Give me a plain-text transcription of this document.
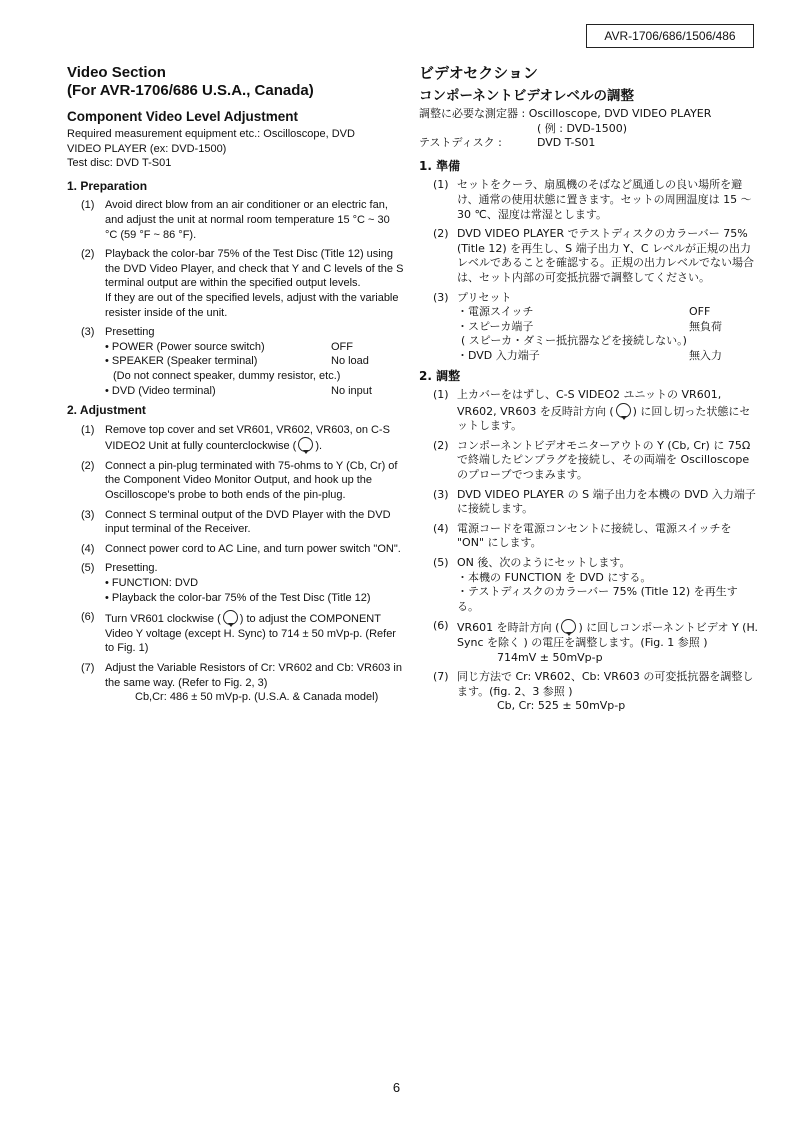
AVR-1706/686/1506/486

Video Section

(For AVR-1706/686 U.S.A., Canada)

Component Video Level Adjustment

Required measurement equipment etc.: Oscilloscope, DVD

VIDEO PLAYER (ex: DVD-1500)

Test disc: DVD T-S01

1. Preparation

(1) Avoid direct blow from an air conditioner or an electric fan, and adjust the unit at normal room temperature 15 °C ~ 30 °C (59 °F ~ 86 °F).
(2) Playback the color-bar 75% of the Test Disc (Title 12) using the DVD Video Player, and check that Y and C levels of the S terminal output are within the specified output levels.
If they are out of the specified levels, adjust with the variable resister inside of the unit.
(3) Presetting
• POWER (Power source switch)	OFF
• SPEAKER (Speaker terminal)	No load
(Do not connect speaker, dummy resistor, etc.)
• DVD (Video terminal)	No input

2. Adjustment

(1) Remove top cover and set VR601, VR602, VR603, on C-S VIDEO2 Unit at fully counterclockwise ( ).
(2) Connect a pin-plug terminated with 75-ohms to Y (Cb, Cr) of the Component Video Monitor Output, and hook up the Oscilloscope's probe to both ends of the pin-plug.
(3) Connect S terminal output of the DVD Player with the DVD input terminal of the Receiver.
(4) Connect power cord to AC Line, and turn power switch "ON".
(5) Presetting.
• FUNCTION: DVD
• Playback the color-bar 75% of the Test Disc (Title 12)
(6) Turn VR601 clockwise ( ) to adjust the COMPONENT Video Y voltage (except H. Sync) to 714 ± 50 mVp-p. (Refer to Fig. 1)
(7) Adjust the Variable Resistors of Cr: VR602 and Cb: VR603 in the same way. (Refer to Fig. 2, 3)
Cb,Cr: 486 ± 50 mVp-p. (U.S.A. & Canada model)

ビデオセクション

コンポーネントビデオレベルの調整

調整に必要な測定器 : Oscilloscope, DVD VIDEO PLAYER

( 例 : DVD-1500)

テストディスク :	DVD T-S01

1. 準備

(1) セットをクーラ、扇風機のそばなど風通しの良い場所を避け、通常の使用状態に置きます。セットの周囲温度は 15 ～ 30 ℃、湿度は常湿とします。
(2) DVD VIDEO PLAYER でテストディスクのカラーバー 75% (Title 12) を再生し、S 端子出力 Y、C レベルが正規の出力レベルであることを確認する。正規の出力レベルでない場合は、セット内部の可変抵抗器で調整してください。
(3) プリセット
・電源スイッチ	OFF
・スピーカ端子	無負荷
( スピーカ・ダミー抵抗器などを接続しない。)
・DVD 入力端子	無入力

2. 調整

(1) 上カバーをはずし、C-S VIDEO2 ユニットの VR601, VR602, VR603 を反時計方向 ( ) に回し切った状態にセットします。
(2) コンポーネントビデオモニターアウトの Y (Cb, Cr) に 75Ω で終端したピンプラグを接続し、その両端を Oscilloscope のプローブでつまみます。
(3) DVD VIDEO PLAYER の S 端子出力を本機の DVD 入力端子に接続します。
(4) 電源コードを電源コンセントに接続し、電源スイッチを "ON" にします。
(5) ON 後、次のようにセットします。
・本機の FUNCTION を DVD にする。
・テストディスクのカラーバー 75% (Title 12) を再生する。
(6) VR601 を時計方向 ( ) に回しコンポーネントビデオ Y (H. Sync を除く ) の電圧を調整します。(Fig. 1 参照 )
714mV ± 50mVp-p
(7) 同じ方法で Cr: VR602、Cb: VR603 の可変抵抗器を調整します。(fig. 2、3 参照 )
Cb, Cr: 525 ± 50mVp-p
6
